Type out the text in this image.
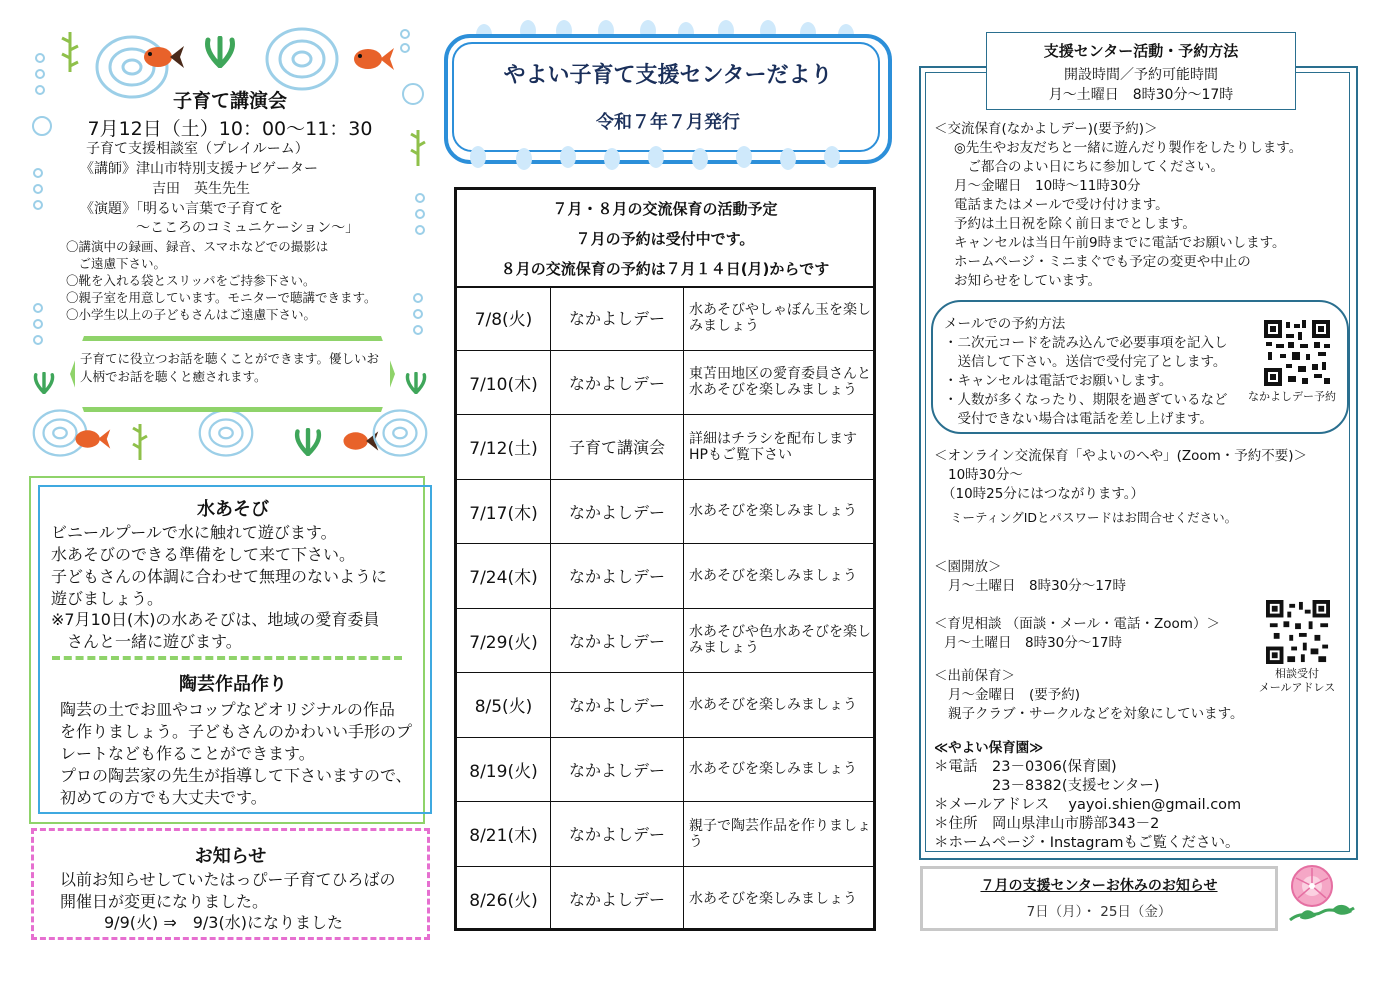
子育て講演会
7月12日（土）10：00～11：30
子育て支援相談室（プレイルーム）
《講師》津山市特別支援ナビゲーター
吉田　英生先生
《演題》「明るい言葉で子育てを
～こころのコミュニケーション～」
〇講演中の録画、録音、スマホなどでの撮影は
　ご遠慮下さい。
〇靴を入れる袋とスリッパをご持参下さい。
〇親子室を用意しています。モニターで聴講できます。
〇小学生以上の子どもさんはご遠慮下さい。
子育てに役立つお話を聴くことができます。優しいお人柄でお話を聴くと癒されます。
水あそび
ビニールプールで水に触れて遊びます。
水あそびのできる準備をして来て下さい。
子どもさんの体調に合わせて無理のないように
遊びましょう。
※7月10日(木)の水あそびは、地域の愛育委員
　さんと一緒に遊びます。
陶芸作品作り
陶芸の土でお皿やコップなどオリジナルの作品
を作りましょう。子どもさんのかわいい手形のプ
レートなども作ることができます。
プロの陶芸家の先生が指導して下さいますので、
初めての方でも大丈夫です。
お知らせ
以前お知らせしていたはっぴー子育てひろばの
開催日が変更になりました。
9/9(火) ⇒　9/3(水)になりました
やよい子育て支援センターだより
令和７年７月発行
７月・８月の交流保育の活動予定
７月の予約は受付中です。
８月の交流保育の予約は７月１４日(月)からです
7/8(火)	なかよしデー	水あそびやしゃぼん玉を楽しみましょう
7/10(木)	なかよしデー	東苫田地区の愛育委員さんと水あそびを楽しみましょう
7/12(土)	子育て講演会	詳細はチラシを配布しますHPもご覧下さい
7/17(木)	なかよしデー	水あそびを楽しみましょう
7/24(木)	なかよしデー	水あそびを楽しみましょう
7/29(火)	なかよしデー	水あそびや色水あそびを楽しみましょう
8/5(火)	なかよしデー	水あそびを楽しみましょう
8/19(火)	なかよしデー	水あそびを楽しみましょう
8/21(木)	なかよしデー	親子で陶芸作品を作りましょう
8/26(火)	なかよしデー	水あそびを楽しみましょう
支援センター活動・予約方法
開設時間／予約可能時間
月～土曜日　8時30分～17時
＜交流保育(なかよしデー)(要予約)＞
◎先生やお友だちと一緒に遊んだり製作をしたりします。
　ご都合のよい日にちに参加してください。
月～金曜日　10時～11時30分
電話またはメールで受け付けます。
予約は土日祝を除く前日までとします。
キャンセルは当日午前9時までに電話でお願いします。
ホームページ・ミニまぐでも予定の変更や中止の
お知らせをしています。
メールでの予約方法
・二次元コードを読み込んで必要事項を記入し
　送信して下さい。送信で受付完了とします。
・キャンセルは電話でお願いします。
・人数が多くなったり、期限を過ぎているなど
　受付できない場合は電話を差し上げます。
なかよしデー予約
＜オンライン交流保育「やよいのへや」(Zoom・予約不要)＞
10時30分～
（10時25分にはつながります。）
ミーティングIDとパスワードはお問合せください。
＜園開放＞
月～土曜日　8時30分～17時
＜育児相談 （面談・メール・電話・Zoom）＞
月～土曜日　8時30分～17時
相談受付
メールアドレス
＜出前保育＞
月～金曜日　(要予約)
親子クラブ・サークルなどを対象にしています。
≪やよい保育園≫
＊電話　23－0306(保育園)
　　　　23－8382(支援センター)
＊メールアドレス　 yayoi.shien@gmail.com
＊住所　岡山県津山市勝部343－2
＊ホームページ・Instagramもご覧ください。
７月の支援センターお休みのお知らせ
7日（月）・ 25日（金）
